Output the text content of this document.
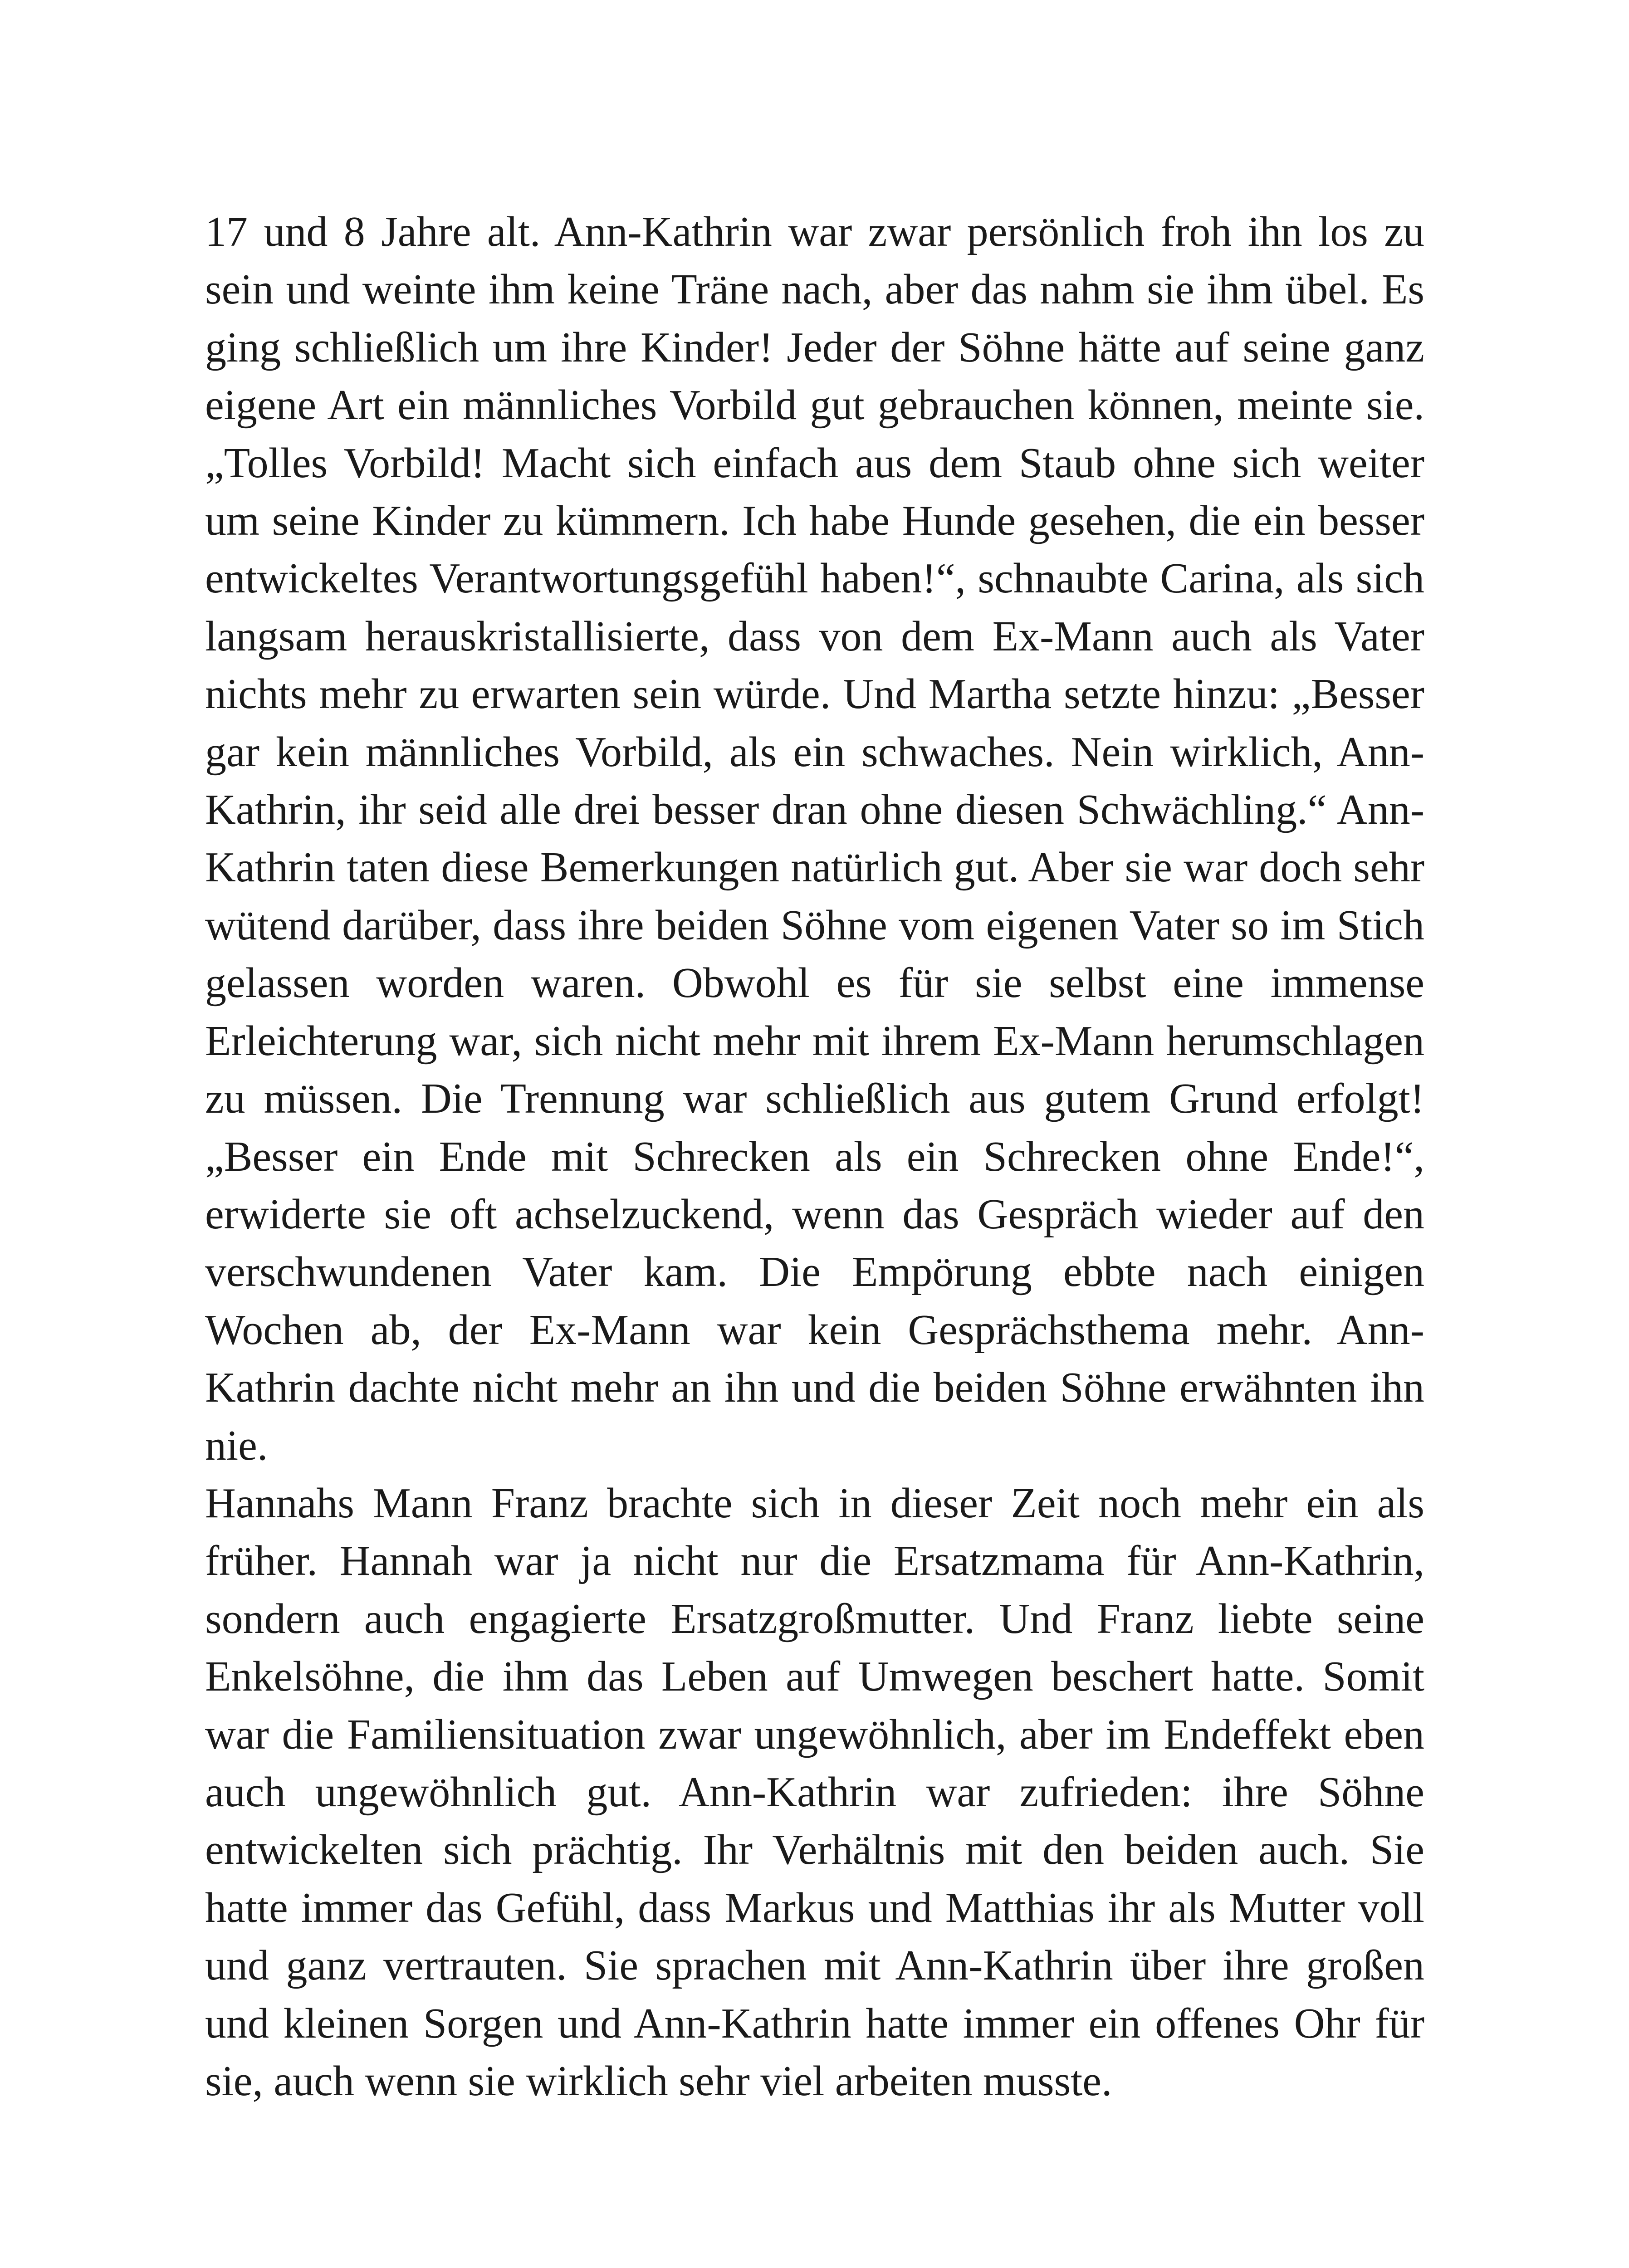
17 und 8 Jahre alt. Ann-Kathrin war zwar persönlich froh ihn los zu sein und weinte ihm keine Träne nach, aber das nahm sie ihm übel. Es ging schließlich um ihre Kinder! Jeder der Söhne hätte auf seine ganz eigene Art ein männliches Vorbild gut gebrauchen können, meinte sie. „Tolles Vorbild! Macht sich einfach aus dem Staub ohne sich weiter um seine Kinder zu kümmern. Ich habe Hunde gesehen, die ein besser entwickeltes Verantwortungsgefühl haben!“, schnaubte Carina, als sich langsam herauskristallisierte, dass von dem Ex-Mann auch als Vater nichts mehr zu erwarten sein würde. Und Martha setzte hinzu: „Besser gar kein männliches Vorbild, als ein schwaches. Nein wirklich, Ann-Kathrin, ihr seid alle drei besser dran ohne diesen Schwächling.“ Ann-Kathrin taten diese Bemerkungen natürlich gut. Aber sie war doch sehr wütend darüber, dass ihre beiden Söhne vom eigenen Vater so im Stich gelassen worden waren. Obwohl es für sie selbst eine immense Erleichterung war, sich nicht mehr mit ihrem Ex-Mann herumschlagen zu müssen. Die Trennung war schließlich aus gutem Grund erfolgt! „Besser ein Ende mit Schrecken als ein Schrecken ohne Ende!“, erwiderte sie oft achselzuckend, wenn das Gespräch wieder auf den verschwundenen Vater kam. Die Empörung ebbte nach einigen Wochen ab, der Ex-Mann war kein Gesprächsthema mehr. Ann-Kathrin dachte nicht mehr an ihn und die beiden Söhne erwähnten ihn nie.

Hannahs Mann Franz brachte sich in dieser Zeit noch mehr ein als früher. Hannah war ja nicht nur die Ersatzmama für Ann-Kathrin, sondern auch engagierte Ersatzgroßmutter. Und Franz liebte seine Enkelsöhne, die ihm das Leben auf Umwegen beschert hatte. Somit war die Familiensituation zwar ungewöhnlich, aber im Endeffekt eben auch ungewöhnlich gut. Ann-Kathrin war zufrieden: ihre Söhne entwickelten sich prächtig. Ihr Verhältnis mit den beiden auch. Sie hatte immer das Gefühl, dass Markus und Matthias ihr als Mutter voll und ganz vertrauten. Sie sprachen mit Ann-Kathrin über ihre großen und kleinen Sorgen und Ann-Kathrin hatte immer ein offenes Ohr für sie, auch wenn sie wirklich sehr viel arbeiten musste.
